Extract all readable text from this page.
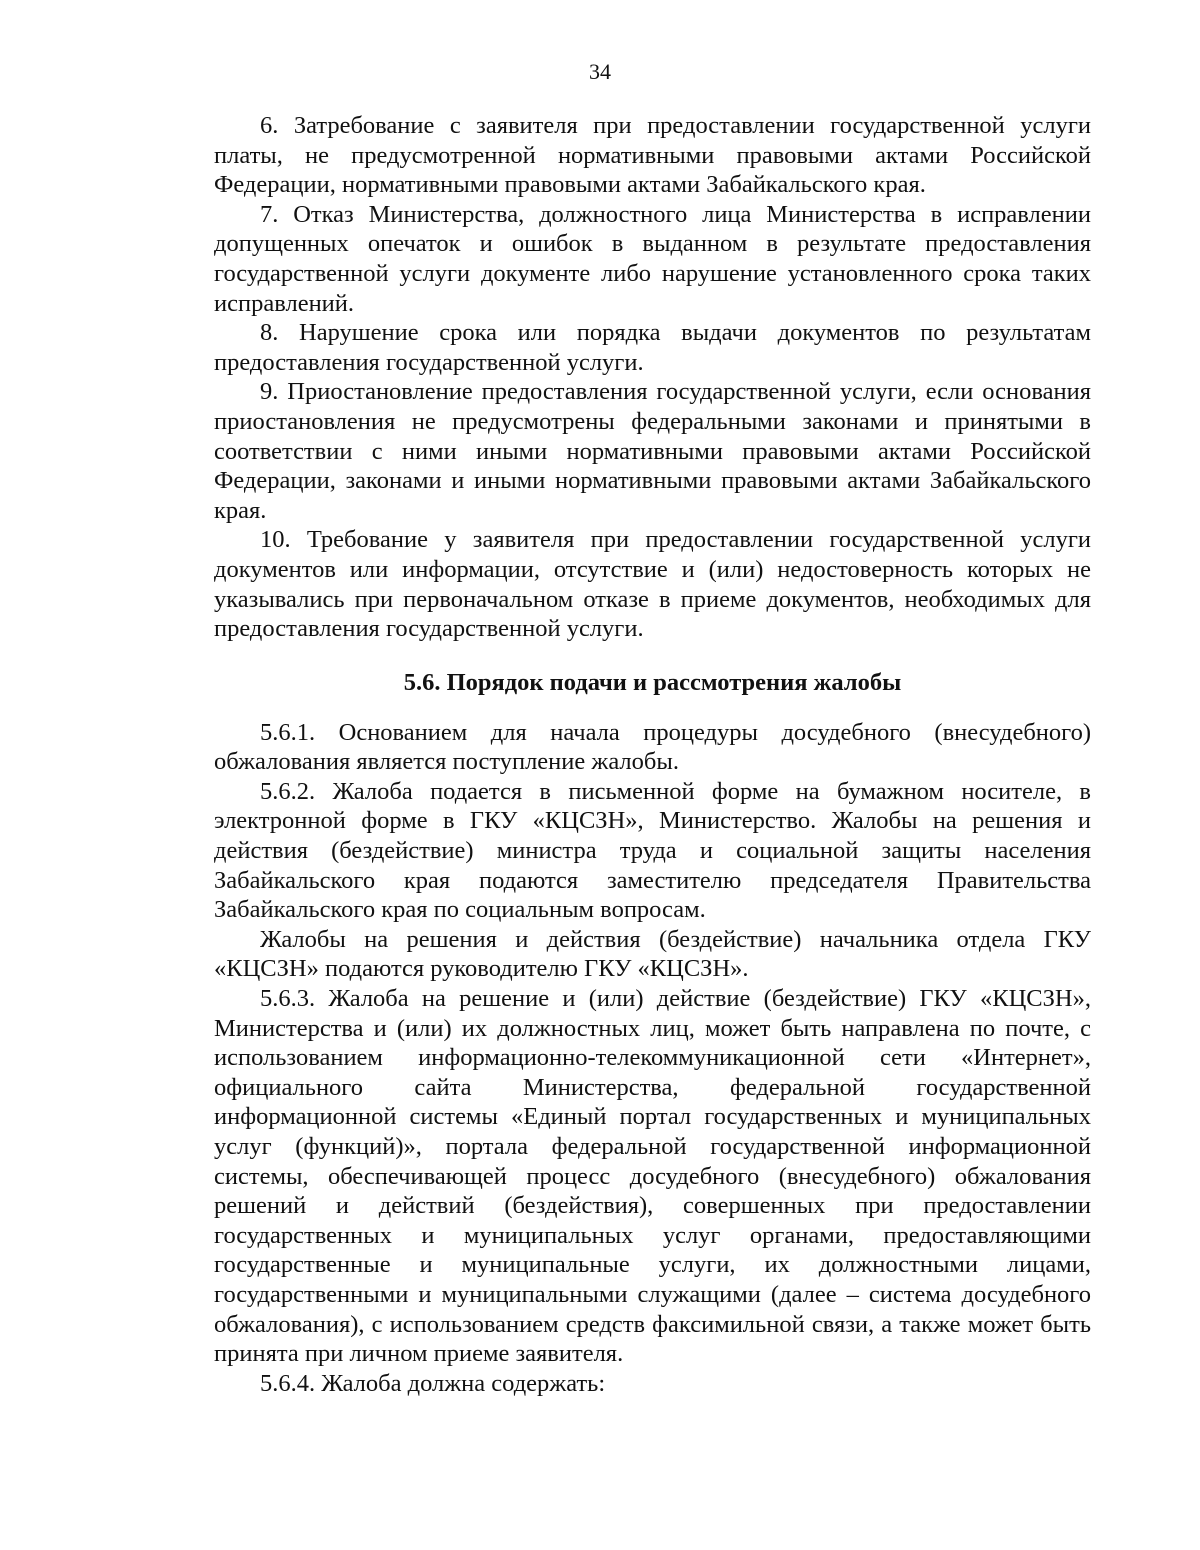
34

6. Затребование с заявителя при предоставлении государственной услуги платы, не предусмотренной нормативными правовыми актами Российской Федерации, нормативными правовыми актами Забайкальского края.

7. Отказ Министерства, должностного лица Министерства в исправлении допущенных опечаток и ошибок в выданном в результате предоставления государственной услуги документе либо нарушение установленного срока таких исправлений.

8. Нарушение срока или порядка выдачи документов по результатам предоставления государственной услуги.

9. Приостановление предоставления государственной услуги, если основания приостановления не предусмотрены федеральными законами и принятыми в соответствии с ними иными нормативными правовыми актами Российской Федерации, законами и иными нормативными правовыми актами Забайкальского края.

10. Требование у заявителя при предоставлении государственной услуги документов или информации, отсутствие и (или) недостоверность которых не указывались при первоначальном отказе в приеме документов, необходимых для предоставления государственной услуги.

5.6. Порядок подачи и рассмотрения жалобы

5.6.1. Основанием для начала процедуры досудебного (внесудебного) обжалования является поступление жалобы.

5.6.2. Жалоба подается в письменной форме на бумажном носителе, в электронной форме в ГКУ «КЦСЗН», Министерство. Жалобы на решения и действия (бездействие) министра труда и социальной защиты населения Забайкальского края подаются заместителю председателя Правительства Забайкальского края по социальным вопросам.

Жалобы на решения и действия (бездействие) начальника отдела ГКУ «КЦСЗН» подаются руководителю ГКУ «КЦСЗН».

5.6.3. Жалоба на решение и (или) действие (бездействие) ГКУ «КЦСЗН», Министерства и (или) их должностных лиц, может быть направлена по почте, с использованием информационно-телекоммуникационной сети «Интернет», официального сайта Министерства, федеральной государственной информационной системы «Единый портал государственных и муниципальных услуг (функций)», портала федеральной государственной информационной системы, обеспечивающей процесс досудебного (внесудебного) обжалования решений и действий (бездействия), совершенных при предоставлении государственных и муниципальных услуг органами, предоставляющими государственные и муниципальные услуги, их должностными лицами, государственными и муниципальными служащими (далее – система досудебного обжалования), с использованием средств факсимильной связи, а также может быть принята при личном приеме заявителя.

5.6.4. Жалоба должна содержать:
